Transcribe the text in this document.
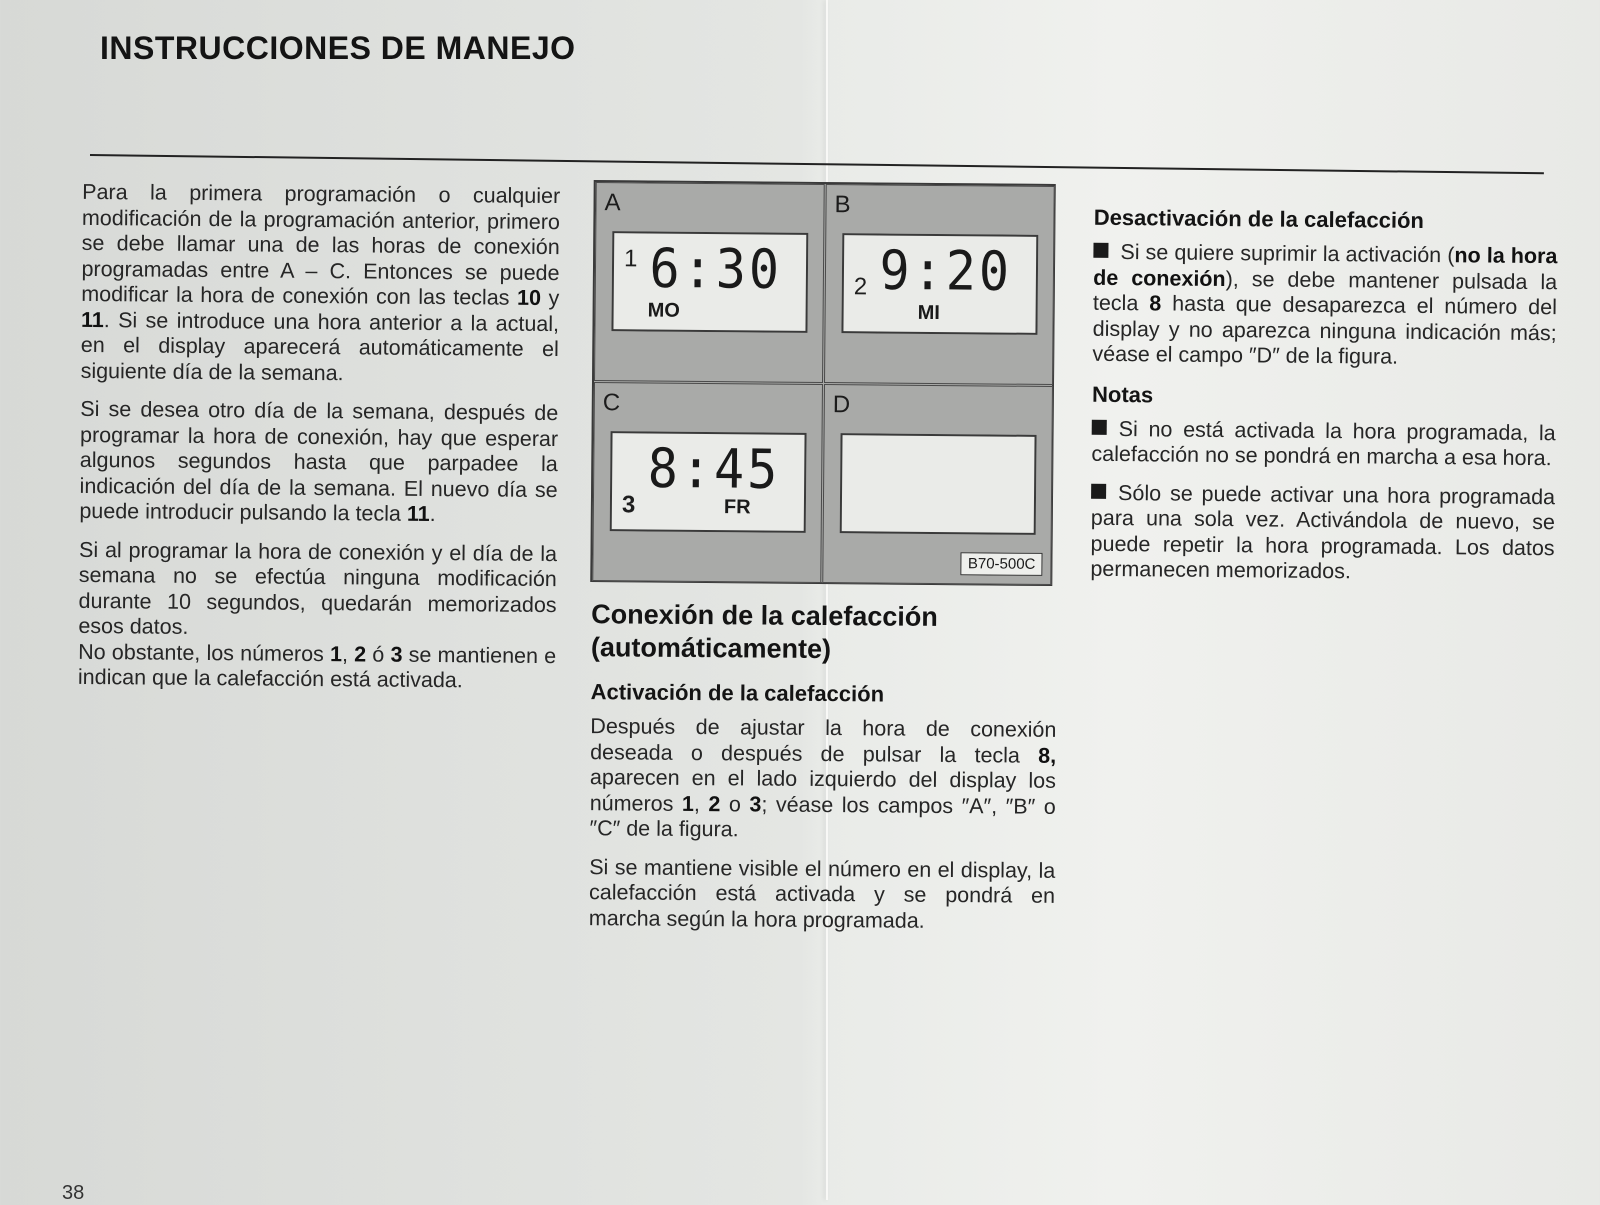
INSTRUCCIONES DE MANEJO

Para la primera programación o cualquier modificación de la programación anterior, primero se debe llamar una de las horas de conexión programadas entre A – C. Entonces se puede modificar la hora de conexión con las teclas 10 y 11. Si se introduce una hora anterior a la actual, en el display aparecerá automáticamente el siguiente día de la semana.

Si se desea otro día de la semana, después de programar la hora de conexión, hay que esperar algunos segundos hasta que parpadee la indicación del día de la semana. El nuevo día se puede introducir pulsando la tecla 11.

Si al programar la hora de conexión y el día de la semana no se efectúa ninguna modificación durante 10 segundos, quedarán memorizados esos datos.

No obstante, los números 1, 2 ó 3 se mantienen e indican que la calefacción está activada.

A
1 6:30
MO
B
2 9:20
MI
C
3
8:45
FR
D
B70-500C
Conexión de la calefacción (automáticamente)
Activación de la calefacción

Después de ajustar la hora de conexión deseada o después de pulsar la tecla 8, aparecen en el lado izquierdo del display los números 1, 2 o 3; véase los campos ″A″, ″B″ o ″C″ de la figura.

Si se mantiene visible el número en el display, la calefacción está activada y se pondrá en marcha según la hora programada.

Desactivación de la calefacción

Si se quiere suprimir la activación (no la hora de conexión), se debe mantener pulsada la tecla 8 hasta que desaparezca el número del display y no aparezca ninguna indicación más; véase el campo ″D″ de la figura.

Notas

Si no está activada la hora programada, la calefacción no se pondrá en marcha a esa hora.

Sólo se puede activar una hora programada para una sola vez. Activándola de nuevo, se puede repetir la hora programada. Los datos permanecen memorizados.

38
